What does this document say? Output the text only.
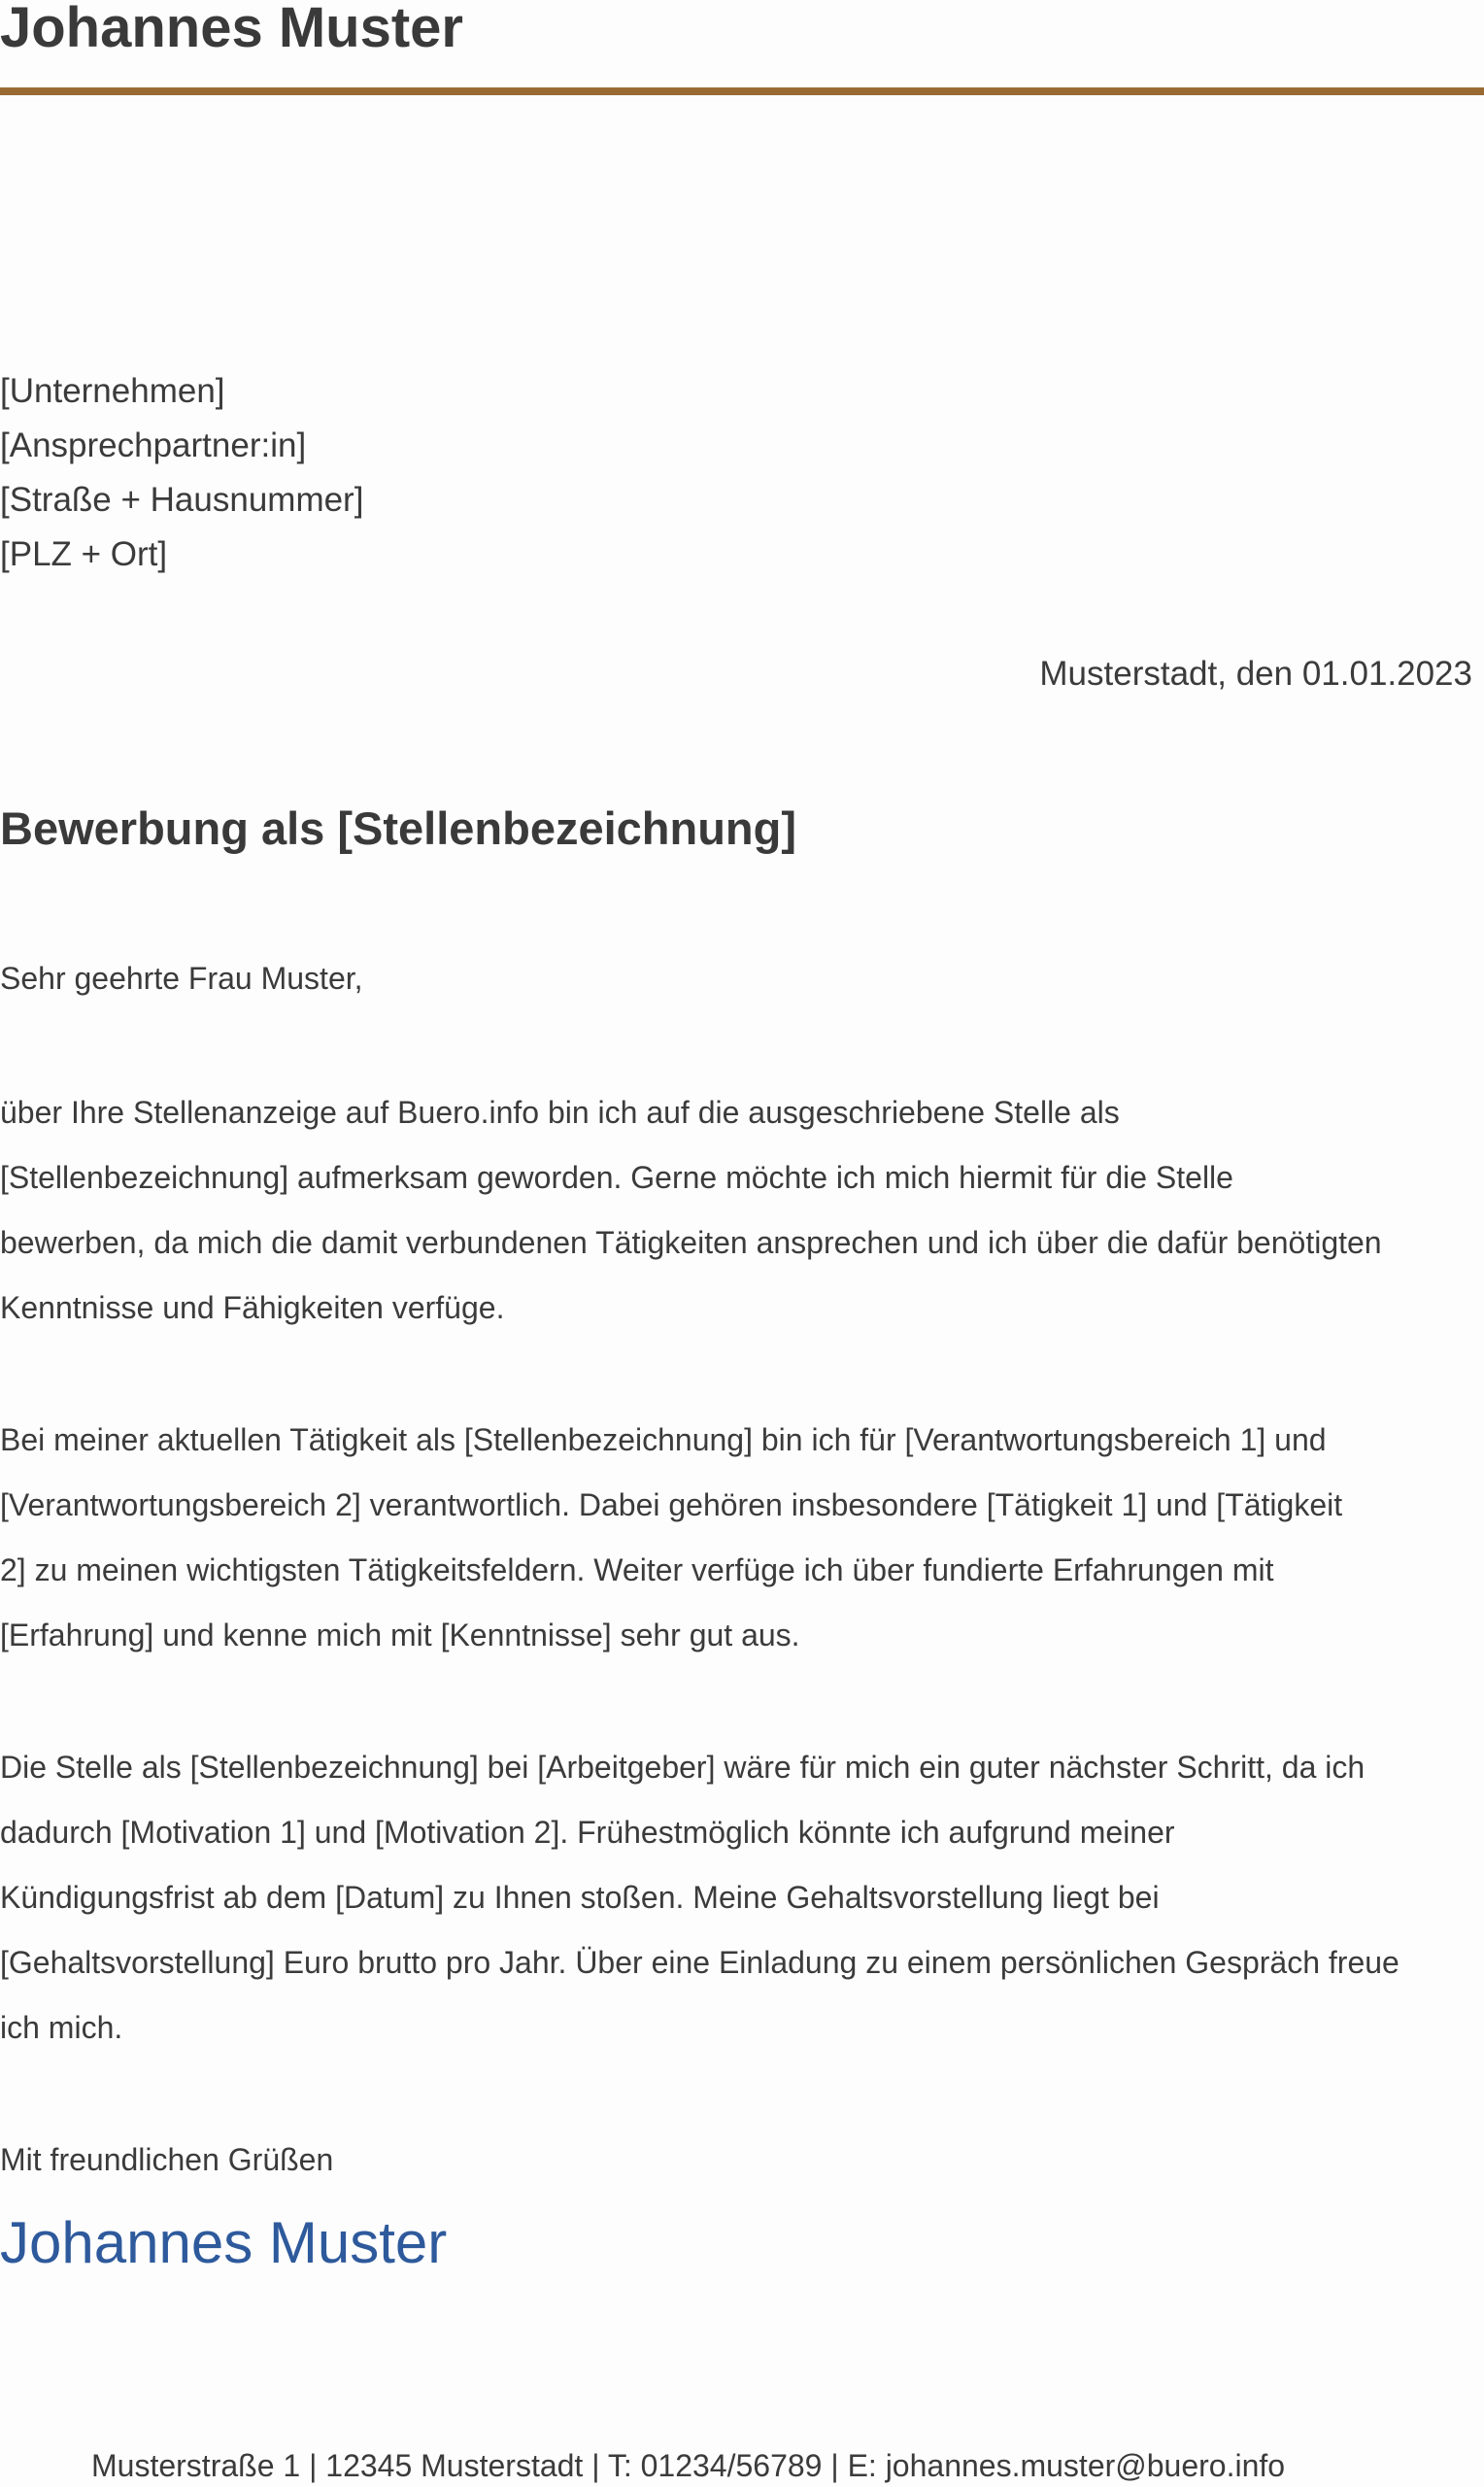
Johannes Muster
[Unternehmen]
[Ansprechpartner:in]
[Straße + Hausnummer]
[PLZ + Ort]
Musterstadt, den 01.01.2023
Bewerbung als [Stellenbezeichnung]
Sehr geehrte Frau Muster,
über Ihre Stellenanzeige auf Buero.info bin ich auf die ausgeschriebene Stelle als
[Stellenbezeichnung] aufmerksam geworden. Gerne möchte ich mich hiermit für die Stelle
bewerben, da mich die damit verbundenen Tätigkeiten ansprechen und ich über die dafür benötigten
Kenntnisse und Fähigkeiten verfüge.
Bei meiner aktuellen Tätigkeit als [Stellenbezeichnung] bin ich für [Verantwortungsbereich 1] und
[Verantwortungsbereich 2] verantwortlich. Dabei gehören insbesondere [Tätigkeit 1] und [Tätigkeit
2] zu meinen wichtigsten Tätigkeitsfeldern. Weiter verfüge ich über fundierte Erfahrungen mit
[Erfahrung] und kenne mich mit [Kenntnisse] sehr gut aus.
Die Stelle als [Stellenbezeichnung] bei [Arbeitgeber] wäre für mich ein guter nächster Schritt, da ich
dadurch [Motivation 1] und [Motivation 2]. Frühestmöglich könnte ich aufgrund meiner
Kündigungsfrist ab dem [Datum] zu Ihnen stoßen. Meine Gehaltsvorstellung liegt bei
[Gehaltsvorstellung] Euro brutto pro Jahr. Über eine Einladung zu einem persönlichen Gespräch freue
ich mich.
Mit freundlichen Grüßen
Johannes Muster
Musterstraße 1 | 12345 Musterstadt | T: 01234/56789 | E: johannes.muster@buero.info
